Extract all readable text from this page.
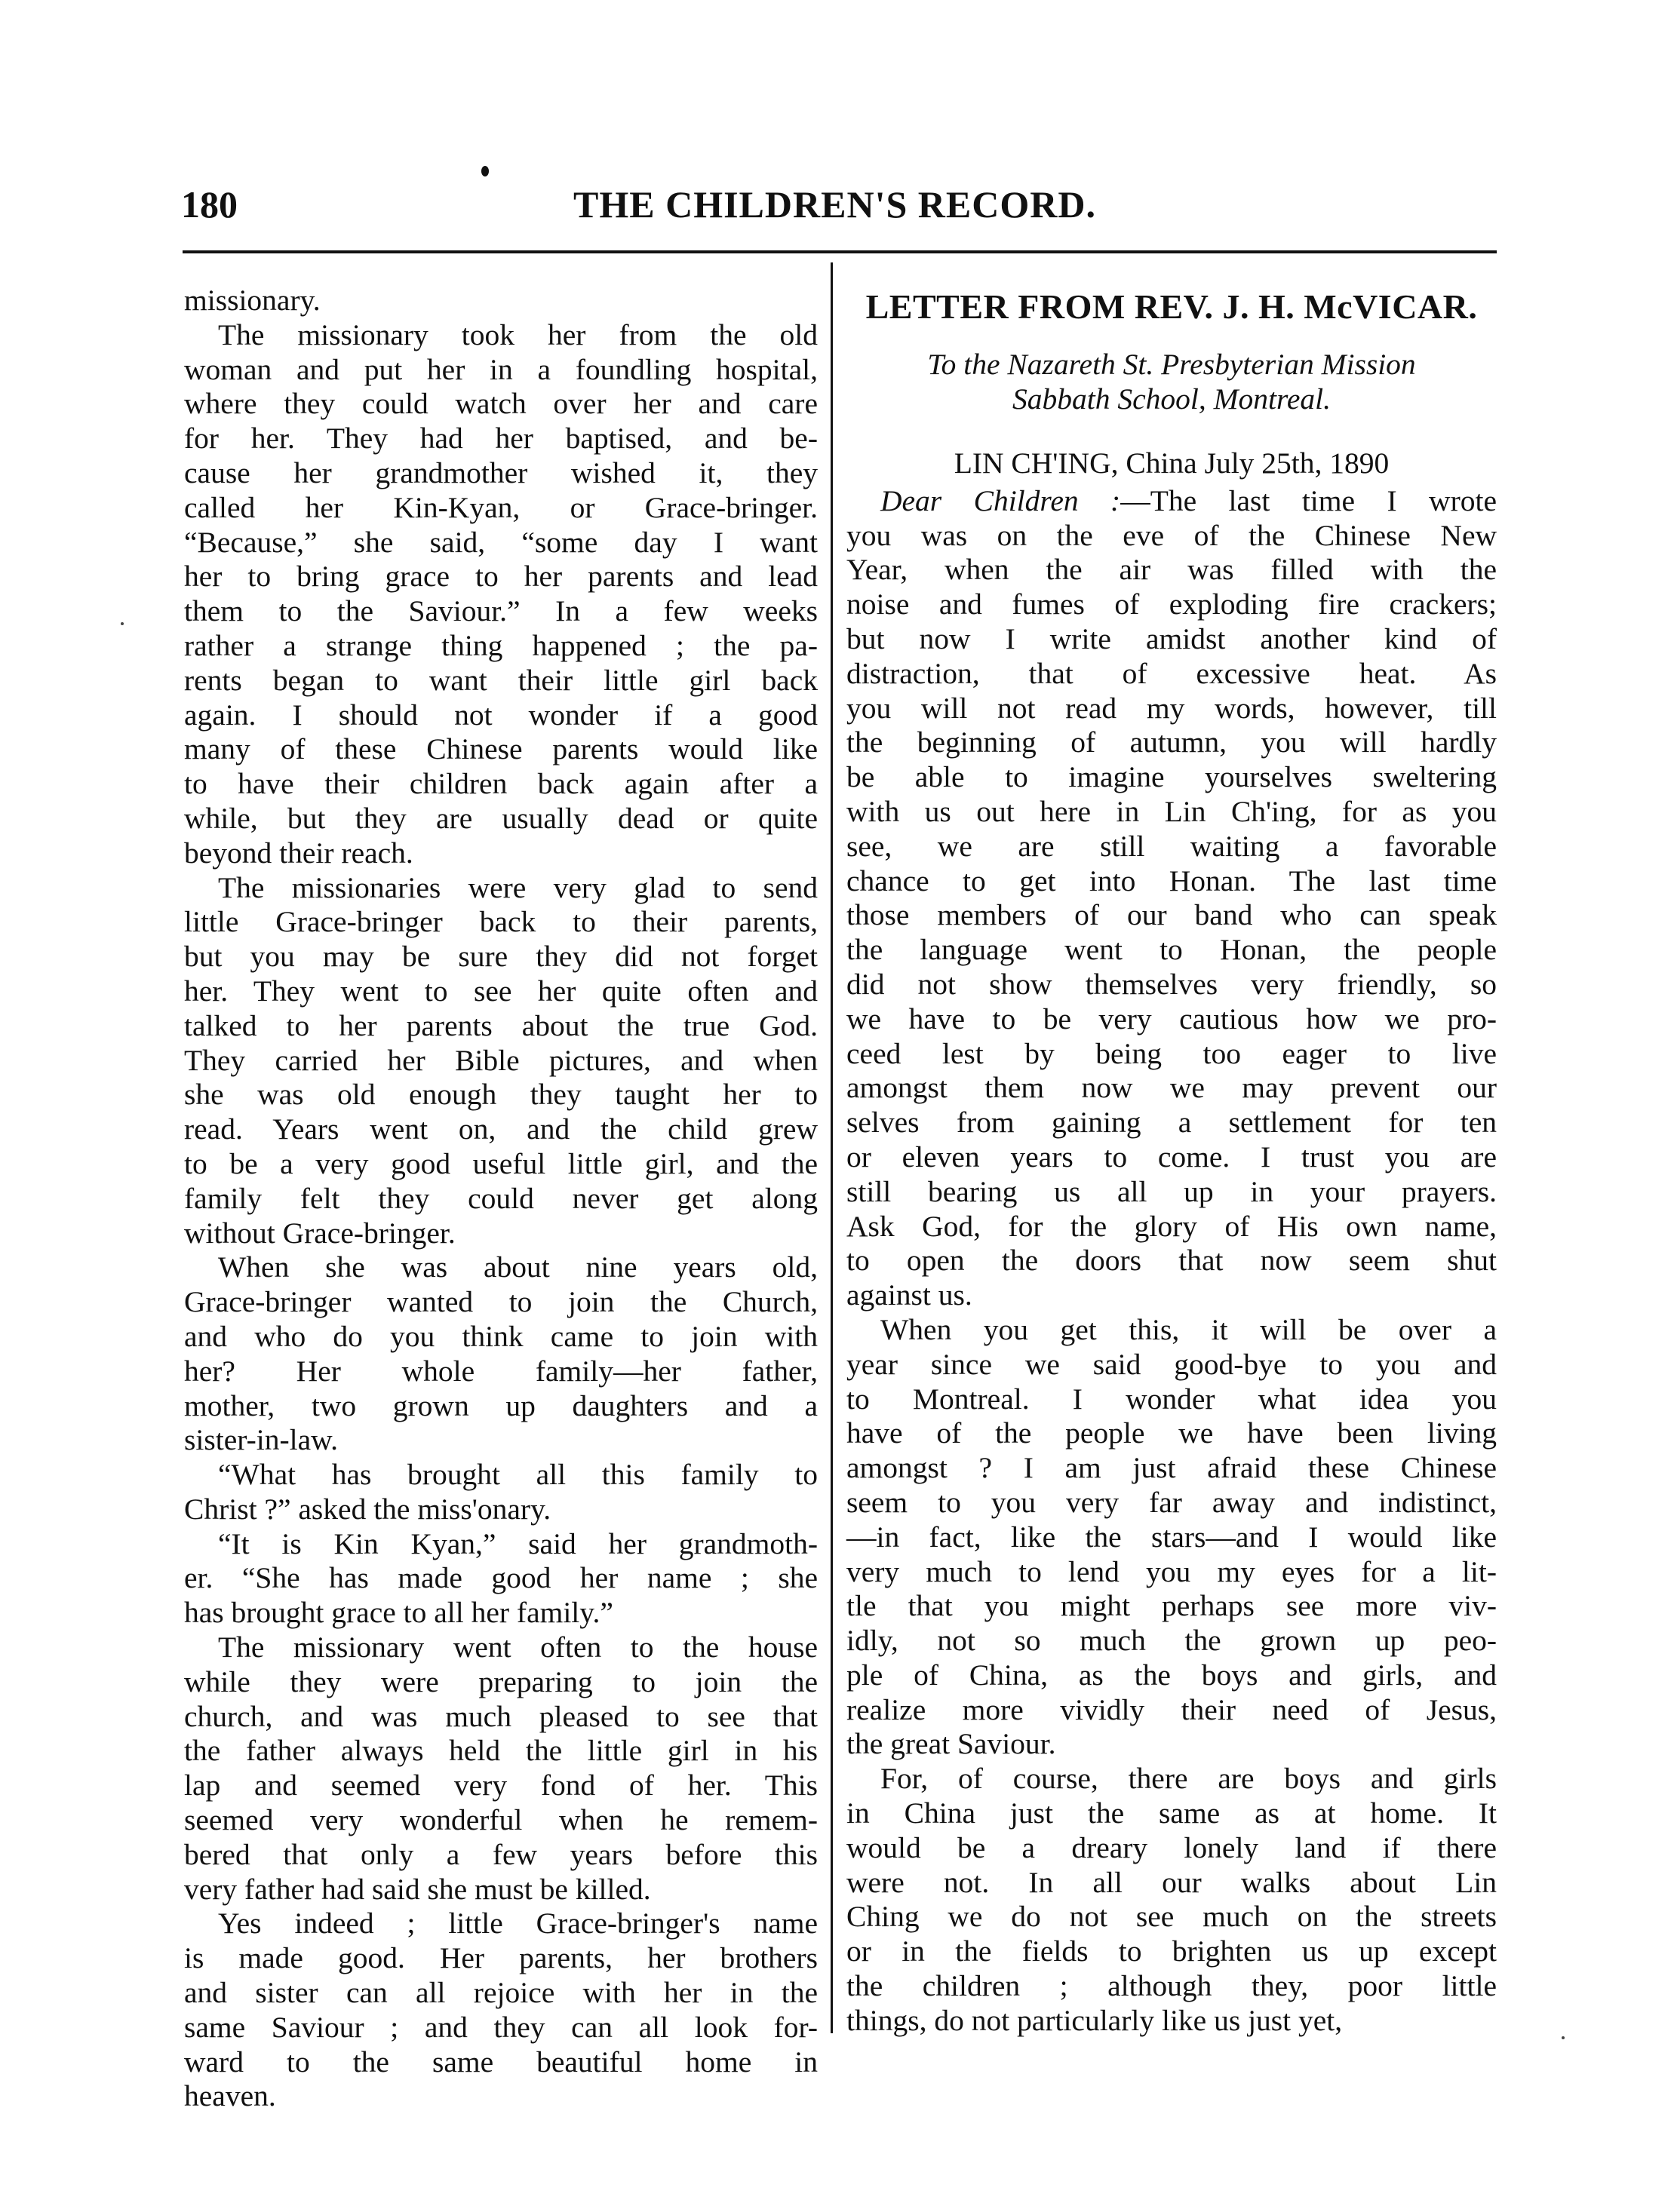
180	THE CHILDREN'S RECORD.
missionary.
The missionary took her from the old
woman and put her in a foundling hospital,
where they could watch over her and care
for her. They had her baptised, and be-
cause her grandmother wished it, they
called her Kin-Kyan, or Grace-bringer.
“Because,” she said, “some day I want
her to bring grace to her parents and lead
them to the Saviour.” In a few weeks
rather a strange thing happened ; the pa-
rents began to want their little girl back
again. I should not wonder if a good
many of these Chinese parents would like
to have their children back again after a
while, but they are usually dead or quite
beyond their reach.
The missionaries were very glad to send
little Grace-bringer back to their parents,
but you may be sure they did not forget
her. They went to see her quite often and
talked to her parents about the true God.
They carried her Bible pictures, and when
she was old enough they taught her to
read. Years went on, and the child grew
to be a very good useful little girl, and the
family felt they could never get along
without Grace-bringer.
When she was about nine years old,
Grace-bringer wanted to join the Church,
and who do you think came to join with
her? Her whole family—her father,
mother, two grown up daughters and a
sister-in-law.
“What has brought all this family to
Christ ?” asked the miss'onary.
“It is Kin Kyan,” said her grandmoth-
er. “She has made good her name ; she
has brought grace to all her family.”
The missionary went often to the house
while they were preparing to join the
church, and was much pleased to see that
the father always held the little girl in his
lap and seemed very fond of her. This
seemed very wonderful when he remem-
bered that only a few years before this
very father had said she must be killed.
Yes indeed ; little Grace-bringer's name
is made good. Her parents, her brothers
and sister can all rejoice with her in the
same Saviour ; and they can all look for-
ward to the same beautiful home in
heaven.
LETTER FROM REV. J. H. McVICAR.
To the Nazareth St. Presbyterian Mission
Sabbath School, Montreal.
LIN CH'ING, China July 25th, 1890
Dear Children :—The last time I wrote
you was on the eve of the Chinese New
Year, when the air was filled with the
noise and fumes of exploding fire crackers;
but now I write amidst another kind of
distraction, that of excessive heat. As
you will not read my words, however, till
the beginning of autumn, you will hardly
be able to imagine yourselves sweltering
with us out here in Lin Ch'ing, for as you
see, we are still waiting a favorable
chance to get into Honan. The last time
those members of our band who can speak
the language went to Honan, the people
did not show themselves very friendly, so
we have to be very cautious how we pro-
ceed lest by being too eager to live
amongst them now we may prevent our
selves from gaining a settlement for ten
or eleven years to come. I trust you are
still bearing us all up in your prayers.
Ask God, for the glory of His own name,
to open the doors that now seem shut
against us.
When you get this, it will be over a
year since we said good-bye to you and
to Montreal. I wonder what idea you
have of the people we have been living
amongst ? I am just afraid these Chinese
seem to you very far away and indistinct,
—in fact, like the stars—and I would like
very much to lend you my eyes for a lit-
tle that you might perhaps see more viv-
idly, not so much the grown up peo-
ple of China, as the boys and girls, and
realize more vividly their need of Jesus,
the great Saviour.
For, of course, there are boys and girls
in China just the same as at home. It
would be a dreary lonely land if there
were not. In all our walks about Lin
Ching we do not see much on the streets
or in the fields to brighten us up except
the children ; although they, poor little
things, do not particularly like us just yet,
